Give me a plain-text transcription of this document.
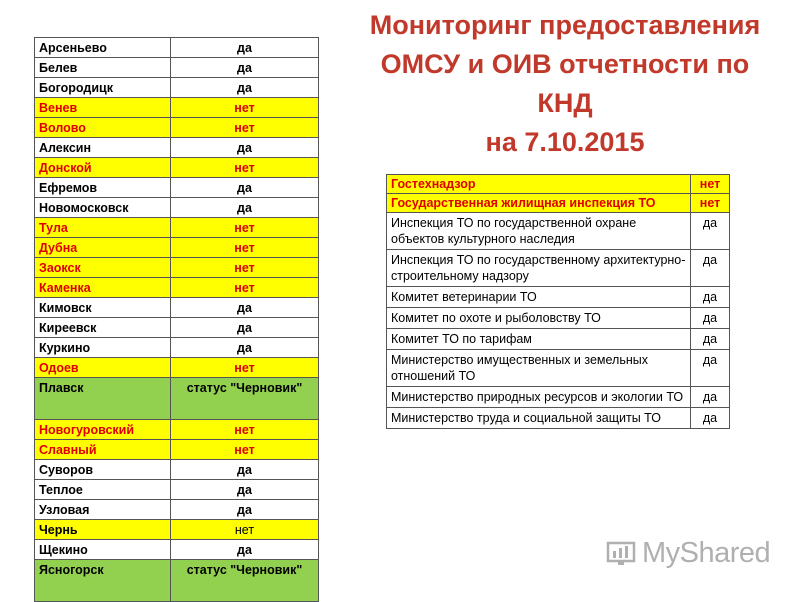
Мониторинг предоставления
ОМСУ и ОИВ отчетности по
КНД
на 7.10.2015
Арсеньево	да
Белев	да
Богородицк	да
Венев	нет
Волово	нет
Алексин	да
Донской	нет
Ефремов	да
Новомосковск	да
Тула	нет
Дубна	нет
Заокск	нет
Каменка	нет
Кимовск	да
Киреевск	да
Куркино	да
Одоев	нет
Плавск	статус "Черновик"
Новогуровский	нет
Славный	нет
Суворов	да
Теплое	да
Узловая	да
Чернь	нет
Щекино	да
Ясногорск	статус "Черновик"
Гостехнадзор	нет
Государственная жилищная инспекция ТО	нет
Инспекция ТО по государственной охране объектов культурного наследия	да
Инспекция ТО по государственному архитектурно-строительному надзору	да
Комитет ветеринарии ТО	да
Комитет по охоте и рыболовству ТО	да
Комитет ТО по тарифам	да
Министерство имущественных и земельных отношений ТО	да
Министерство природных ресурсов и экологии ТО	да
Министерство труда и социальной защиты ТО	да
MyShared
